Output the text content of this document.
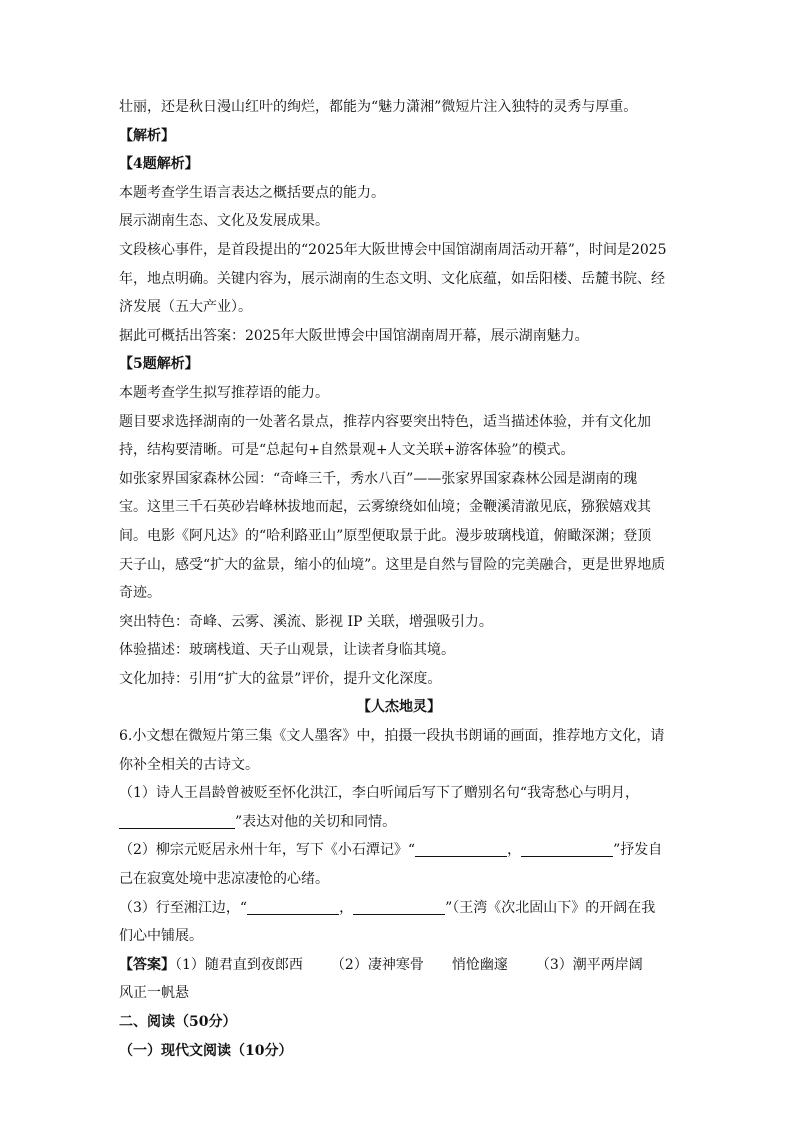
壮丽，还是秋日漫山红叶的绚烂，都能为“魅力潇湘”微短片注入独特的灵秀与厚重。
【解析】
【4题解析】
本题考查学生语言表达之概括要点的能力。
展示湖南生态、文化及发展成果。
文段核心事件，是首段提出的“2025年大阪世博会中国馆湖南周活动开幕”，时间是2025
年，地点明确。关键内容为，展示湖南的生态文明、文化底蕴，如岳阳楼、岳麓书院、经
济发展（五大产业）。
据此可概括出答案：2025年大阪世博会中国馆湖南周开幕，展示湖南魅力。
【5题解析】
本题考查学生拟写推荐语的能力。
题目要求选择湖南的一处著名景点，推荐内容要突出特色，适当描述体验，并有文化加
持，结构要清晰。可是“总起句+自然景观+人文关联+游客体验”的模式。
如张家界国家森林公园：“奇峰三千，秀水八百”——张家界国家森林公园是湖南的瑰
宝。这里三千石英砂岩峰林拔地而起，云雾缭绕如仙境；金鞭溪清澈见底，猕猴嬉戏其
间。电影《阿凡达》的“哈利路亚山”原型便取景于此。漫步玻璃栈道，俯瞰深渊；登顶
天子山，感受“扩大的盆景，缩小的仙境”。这里是自然与冒险的完美融合，更是世界地质
奇迹。
突出特色：奇峰、云雾、溪流、影视 IP 关联，增强吸引力。
体验描述：玻璃栈道、天子山观景，让读者身临其境。
文化加持：引用“扩大的盆景”评价，提升文化深度。
【人杰地灵】
6.小文想在微短片第三集《文人墨客》中，拍摄一段执书朗诵的画面，推荐地方文化，请
你补全相关的古诗文。
（1）诗人王昌龄曾被贬至怀化洪江，李白听闻后写下了赠别名句“我寄愁心与明月，
”表达对他的关切和同情。
（2）柳宗元贬居永州十年，写下《小石潭记》“	，	”抒发自
己在寂寞处境中悲凉凄怆的心绪。
（3）行至湘江边，“	，	”（王湾《次北固山下》的开阔在我
们心中铺展。
【答案】（1）随君直到夜郎西 （2）凄神寒骨 悄怆幽邃 （3）潮平两岸阔
风正一帆悬
二、阅读（50分）
（一）现代文阅读（10分）
